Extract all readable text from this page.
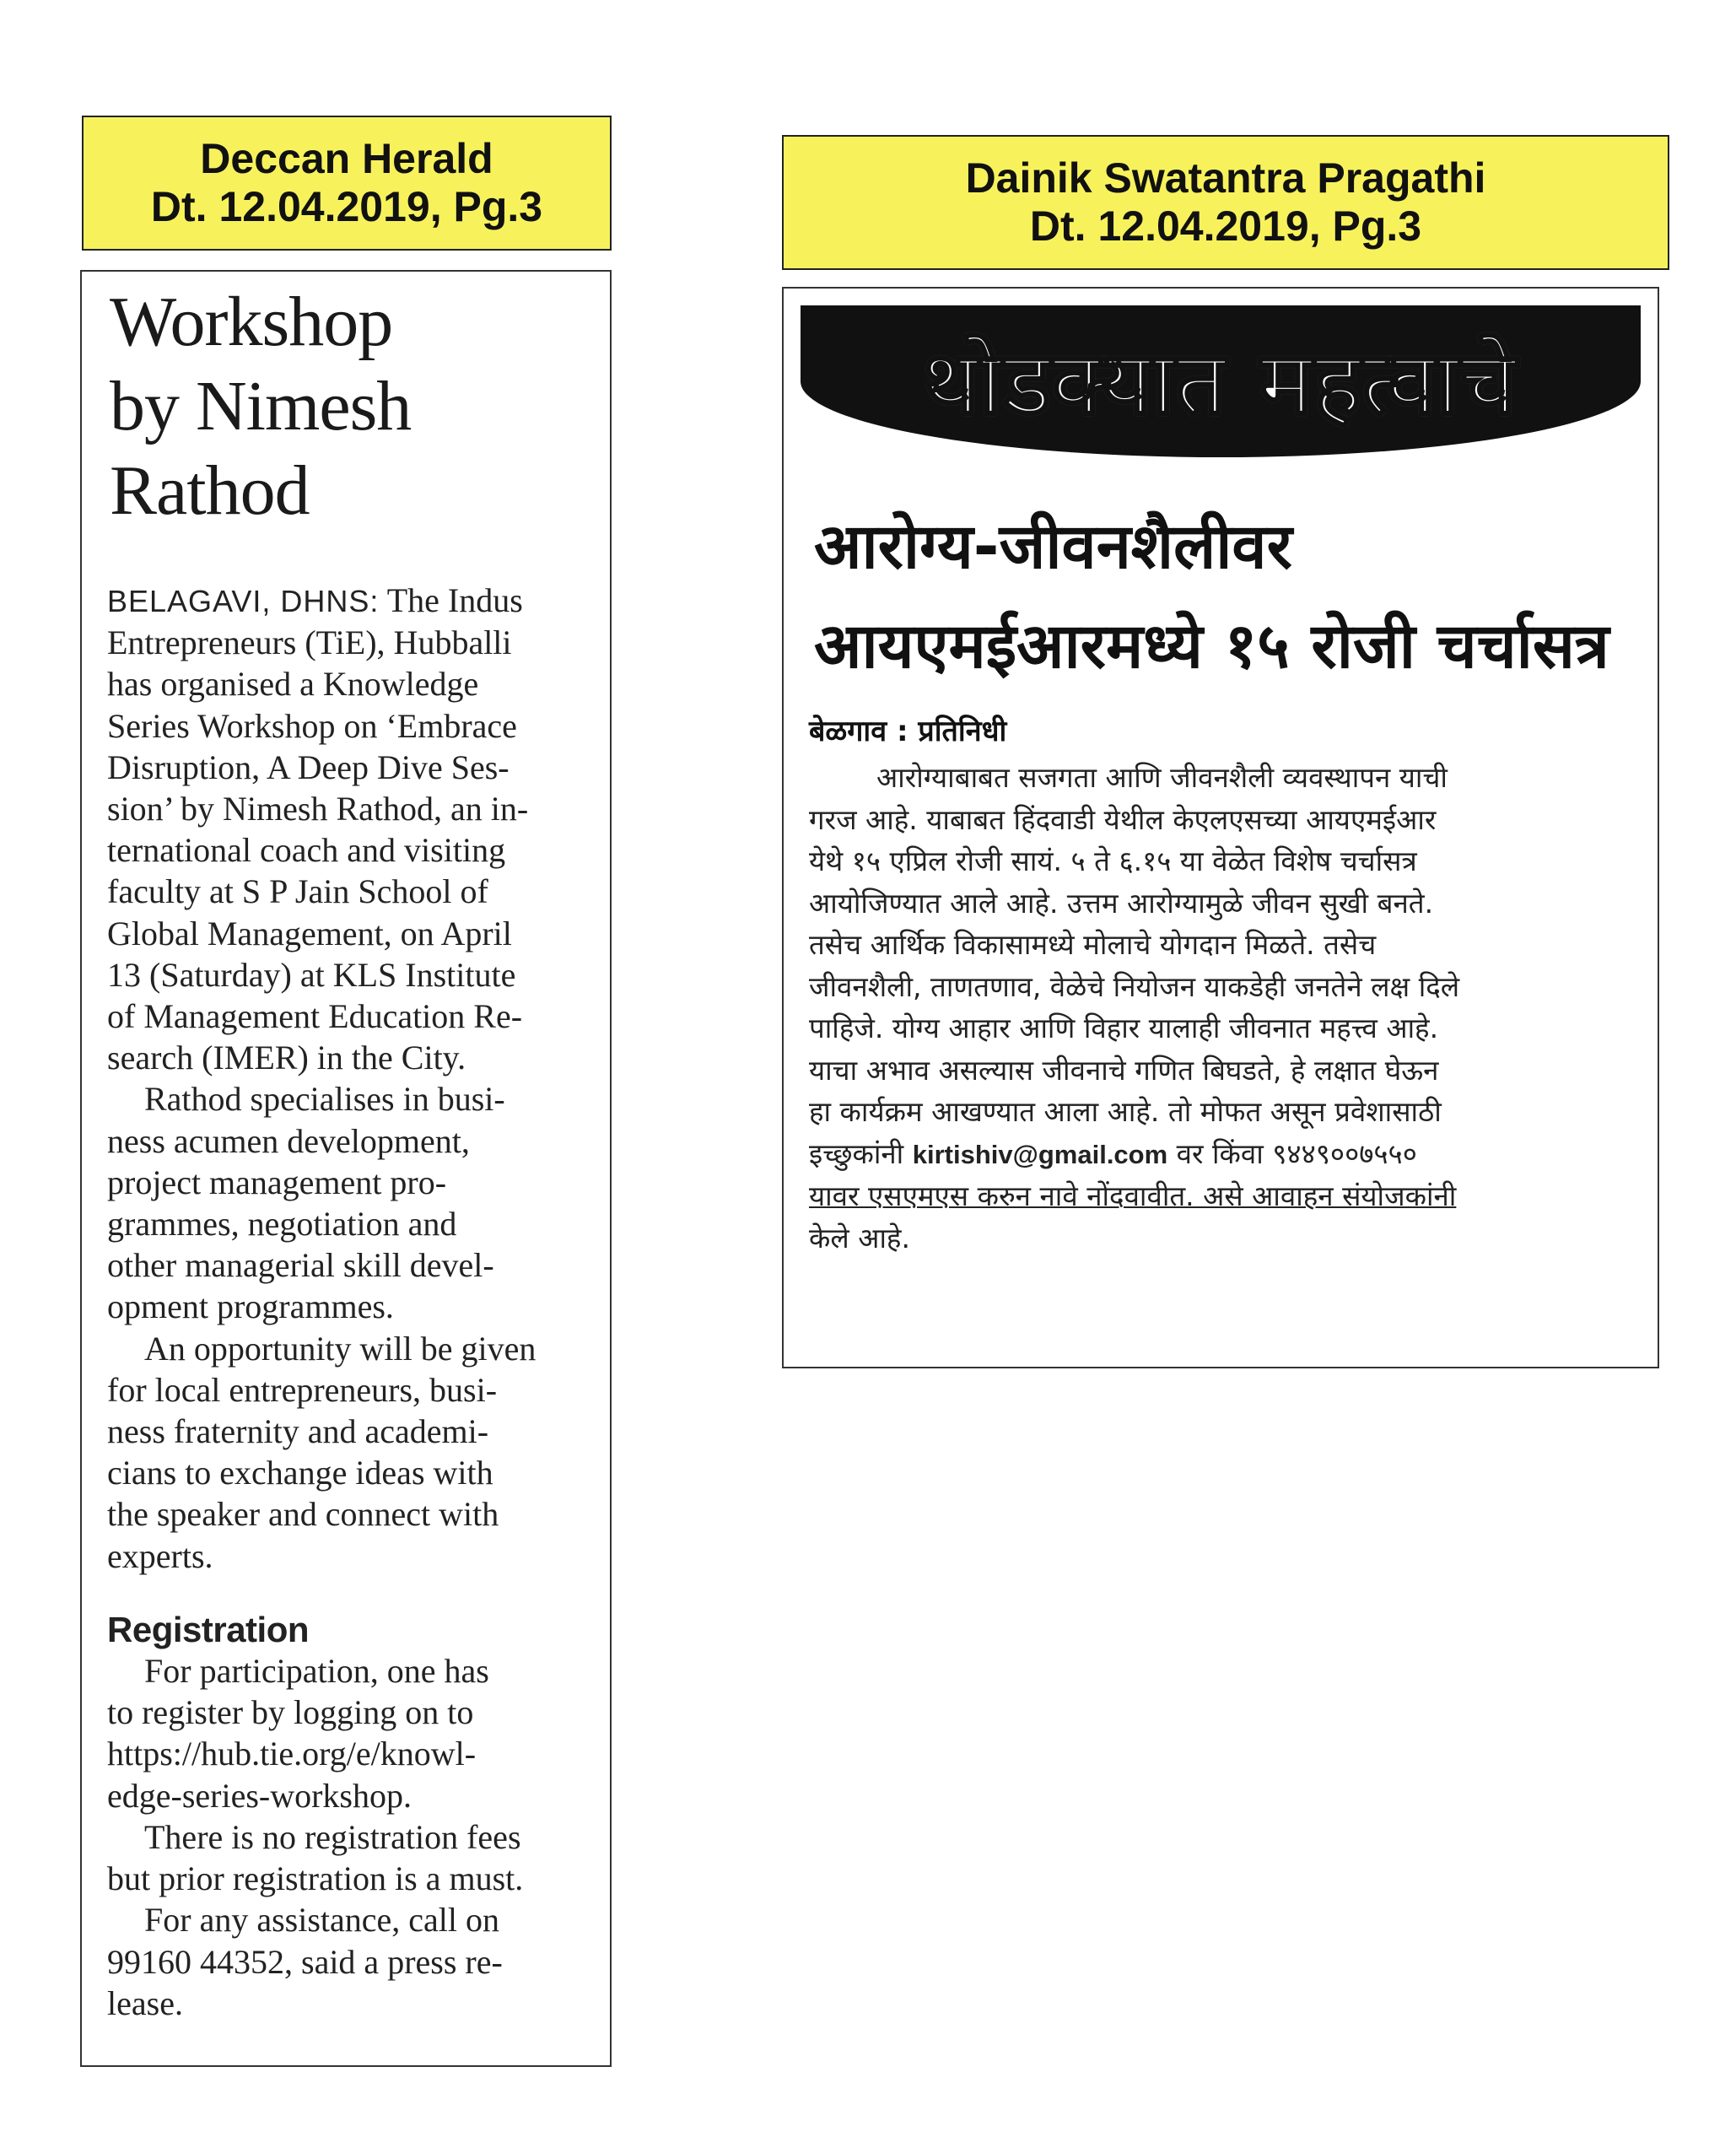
Deccan Herald
Dt. 12.04.2019, Pg.3
Workshop
by Nimesh
Rathod
BELAGAVI, DHNS: The Indus
Entrepreneurs (TiE), Hubballi
has organised a Knowledge
Series Workshop on ‘Embrace
Disruption, A Deep Dive Ses-
sion’ by Nimesh Rathod, an in-
ternational coach and visiting
faculty at S P Jain School of
Global Management, on April
13 (Saturday) at KLS Institute
of Management Education Re-
search (IMER) in the City.
Rathod specialises in busi-
ness acumen development,
project management pro-
grammes, negotiation and
other managerial skill devel-
opment programmes.
An opportunity will be given
for local entrepreneurs, busi-
ness fraternity and academi-
cians to exchange ideas with
the speaker and connect with
experts.
Registration
For participation, one has
to register by logging on to
https://hub.tie.org/e/knowl-
edge-series-workshop.
There is no registration fees
but prior registration is a must.
For any assistance, call on
99160 44352, said a press re-
lease.
Dainik Swatantra Pragathi
Dt. 12.04.2019, Pg.3
थोडक्यात महत्वाचे
आरोग्य-जीवनशैलीवर
आयएमईआरमध्ये १५ रोजी चर्चासत्र
बेळगाव : प्रतिनिधी
आरोग्याबाबत सजगता आणि जीवनशैली व्यवस्थापन याची
गरज आहे. याबाबत हिंदवाडी येथील केएलएसच्या आयएमईआर
येथे १५ एप्रिल रोजी सायं. ५ ते ६.१५ या वेळेत विशेष चर्चासत्र
आयोजिण्यात आले आहे. उत्तम आरोग्यामुळे जीवन सुखी बनते.
तसेच आर्थिक विकासामध्ये मोलाचे योगदान मिळते. तसेच
जीवनशैली, ताणतणाव, वेळेचे नियोजन याकडेही जनतेने लक्ष दिले
पाहिजे. योग्य आहार आणि विहार यालाही जीवनात महत्त्व आहे.
याचा अभाव असल्यास जीवनाचे गणित बिघडते, हे लक्षात घेऊन
हा कार्यक्रम आखण्यात आला आहे. तो मोफत असून प्रवेशासाठी
इच्छुकांनी kirtishiv@gmail.com वर किंवा ९४४९००७५५०
यावर एसएमएस करुन नावे नोंदवावीत. असे आवाहन संयोजकांनी
केले आहे.
